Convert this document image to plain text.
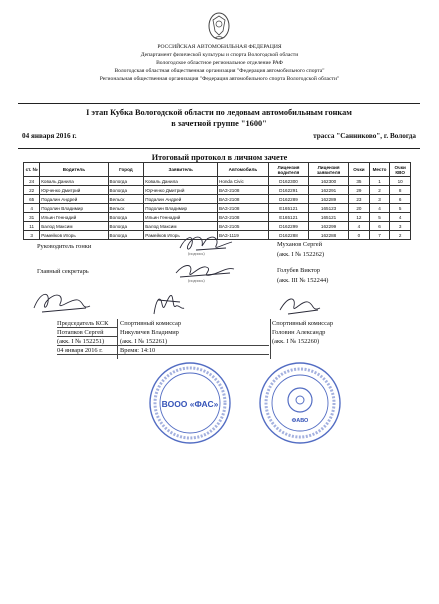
РОССИЙСКАЯ АВТОМОБИЛЬНАЯ ФЕДЕРАЦИЯ
Департамент физической культуры и спорта Вологодской области
Вологодское областное региональное отделение РАФ
Вологодская областная общественная организация "Федерация автомобильного спорта"
Региональная общественная организация "Федерация автомобильного спорта Вологодской области"
I этап Кубка Вологодской области по ледовым автомобильным гонкам
в зачетной группе "1600"
04 января 2016 г.	трасса "Санниково", г. Вологда
Итоговый протокол в личном зачете
ст. №	Водитель	Город	Заявитель	Автомобиль	Лицензия водителя	Лицензия заявителя	Очки	Место	Очки КВО
24	Коваль Данила	Вологда	Коваль Данила	Honda Civic	D162300	162300	35	1	10
22	Юрченко Дмитрий	Вологда	Юрченко Дмитрий	ВАЗ-2108	D162291	162291	29	2	8
65	Подалин Андрей	Вельск	Подалин Андрей	ВАЗ-2108	D162289	162289	23	3	6
4	Подолин Владимир	Вельск	Подолин Владимир	ВАЗ-2108	Е165121	165123	20	4	5
31	Ильин Геннадий	Вологда	Ильин Геннадий	ВАЗ-2108	Е165121	165121	12	5	4
11	Балод Максим	Вологда	Балод Максим	ВАЗ-2105	D162299	162299	4	6	3
3	Рамейков Игорь	Вологда	Рамейков Игорь	ВАЗ-1119	D162288	162288	0	7	2
Руководитель гонки	Муханов Сергей
(акк. I № 152262)
(подпись)
Главный секретарь	Голубев Виктор
(акк. III № 152244)
(подпись)
Председатель КСК
Потапков Сергей
(акк. I № 152251)
04 января 2016 г.
Спортивный комиссар
Никуличев Владимир
(акк. I № 152261)
Время: 14:10
Спортивный комиссар
Головин Александр
(акк. I № 152260)
ВООО «ФАС»
ФАВО
